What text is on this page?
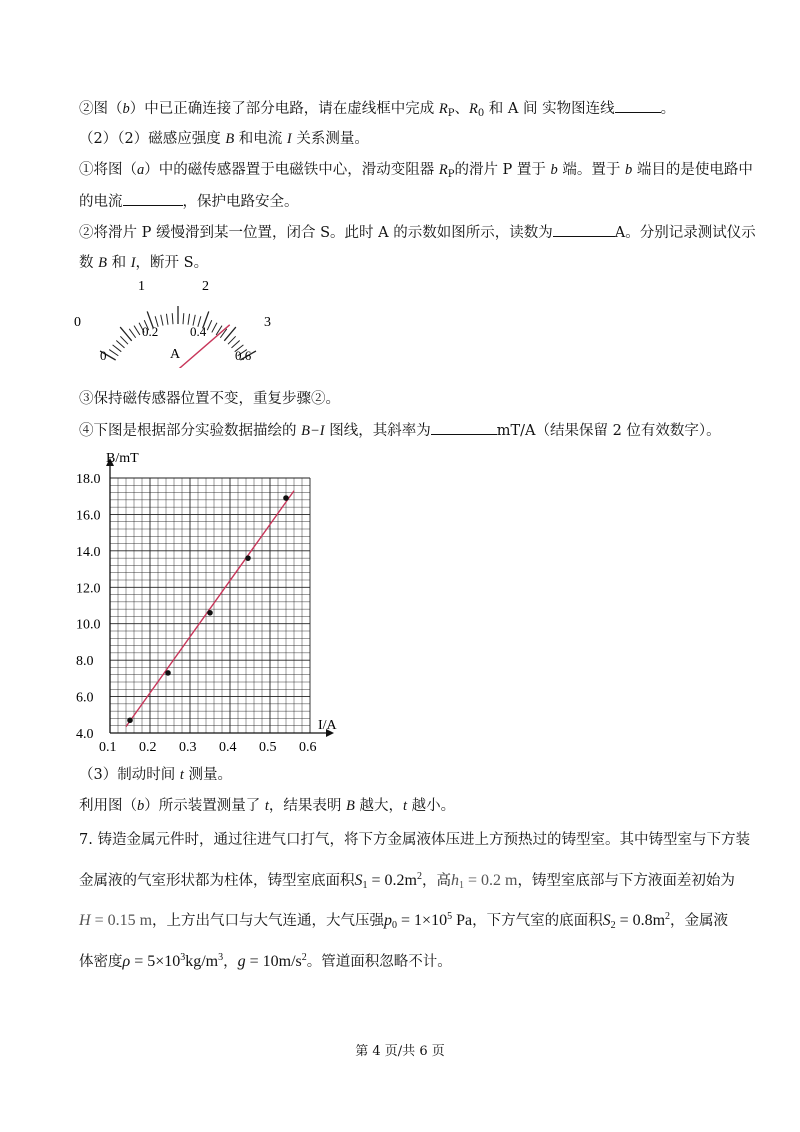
②图（b）中已正确连接了部分电路，请在虚线框中完成 $R_P$、$R_0$ 和 A 间 实物图连线	。
（2）（2）磁感应强度 B 和电流 I 关系测量。
①将图（a）中的磁传感器置于电磁铁中心，滑动变阻器 $R_P$的滑片 P 置于 b 端。置于 b 端目的是使电路中
的电流	，保护电路安全。
②将滑片 P 缓慢滑到某一位置，闭合 S。此时 A 的示数如图所示，读数为	A。分别记录测试仪示
数 B 和 I，断开 S。
0
1	2
3
0
0.2 0.4
0.6
A
③保持磁传感器位置不变，重复步骤②。
④下图是根据部分实验数据描绘的 B−I 图线，其斜率为	mT/A（结果保留 2 位有效数字）。
0.1 0.2 0.3 0.4 0.5 0.6
4.0
6.0
8.0
10.0
12.0
14.0
16.0
18.0
B/mT
I/A
（3）制动时间 t 测量。
利用图（b）所示装置测量了 t，结果表明 B 越大，t 越小。
7. 铸造金属元件时，通过往进气口打气，将下方金属液体压进上方预热过的铸型室。其中铸型室与下方装
金属液的气室形状都为柱体，铸型室底面积$S_1 = 0.2m^2$，高$h_1 = 0.2$ m，铸型室底部与下方液面差初始为
H = 0.15 m，上方出气口与大气连通，大气压强$p_0 = 1\times 10^5$ Pa，下方气室的底面积$S_2 = 0.8m^2$，金属液
体密度$\rho = 5\times 10^3kg/m^3$，$g = 10m/s^2$。管道面积忽略不计。
第 4 页/共 6 页
